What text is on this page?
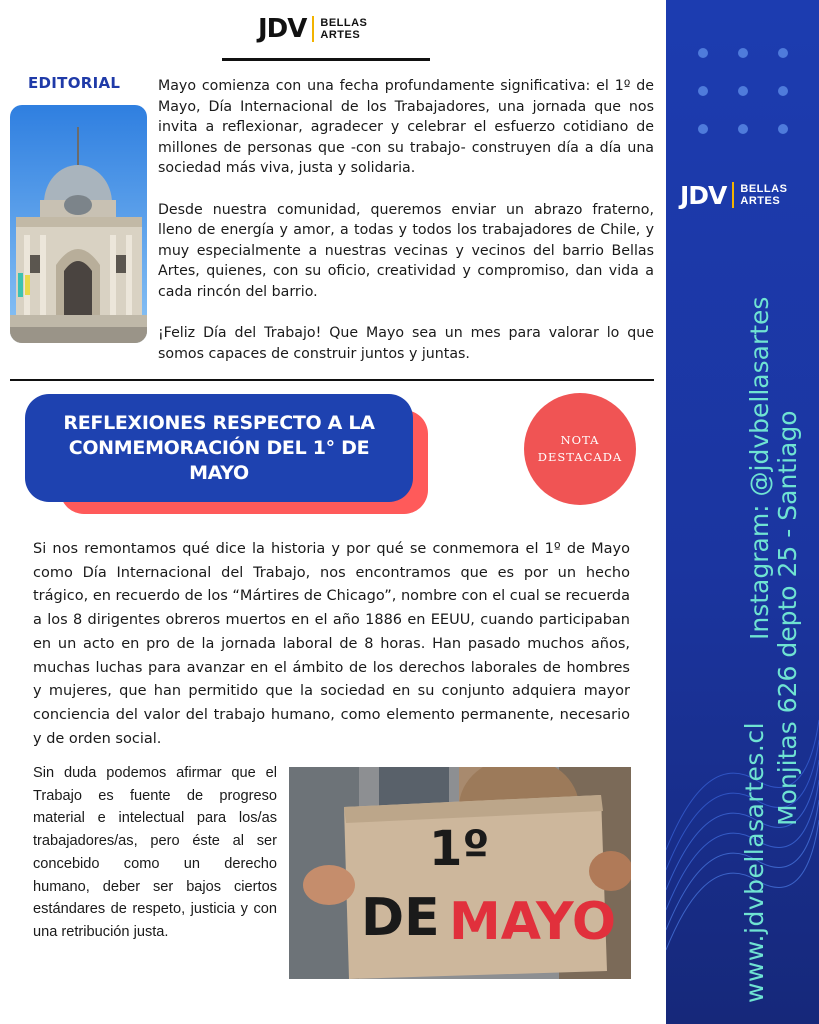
JDV BELLAS
ARTES
EDITORIAL	Mayo comienza con una fecha profundamente significativa: el 1º de Mayo, Día Internacional de los Trabajadores, una jornada que nos invita a reflexionar, agradecer y celebrar el esfuerzo cotidiano de millones de personas que -con su trabajo- construyen día a día una sociedad más viva, justa y solidaria.

Desde nuestra comunidad, queremos enviar un abrazo fraterno, lleno de energía y amor, a todas y todos los trabajadores de Chile, y muy especialmente a nuestras vecinas y vecinos del barrio Bellas Artes, quienes, con su oficio, creatividad y compromiso, dan vida a cada rincón del barrio.

¡Feliz Día del Trabajo! Que Mayo sea un mes para valorar lo que somos capaces de construir juntos y juntas.

REFLEXIONES RESPECTO A LA CONMEMORACIÓN DEL 1° DE MAYO
NOTA
DESTACADA
Si nos remontamos qué dice la historia y por qué se conmemora el 1º de Mayo como Día Internacional del Trabajo, nos encontramos que es por un hecho trágico, en recuerdo de los “Mártires de Chicago”, nombre con el cual se recuerda a los 8 dirigentes obreros muertos en el año 1886 en EEUU, cuando participaban en un acto en pro de la jornada laboral de 8 horas. Han pasado muchos años, muchas luchas para avanzar en el ámbito de los derechos laborales de hombres y mujeres, que han permitido que la sociedad en su conjunto adquiera mayor conciencia del valor del trabajo humano, como elemento permanente, necesario y de orden social.
Sin duda podemos afirmar que el Trabajo es fuente de progreso material e intelectual para los/as trabajadores/as, pero éste al ser concebido como un derecho humano, deber ser bajos ciertos estándares de respeto, justicia y con una retribución justa.
1º
DE MAYO
JDV BELLAS
ARTES
www.jdvbellasartes.cl
Instagram: @jdvbellasartes Monjitas 626 depto 25 - Santiago
